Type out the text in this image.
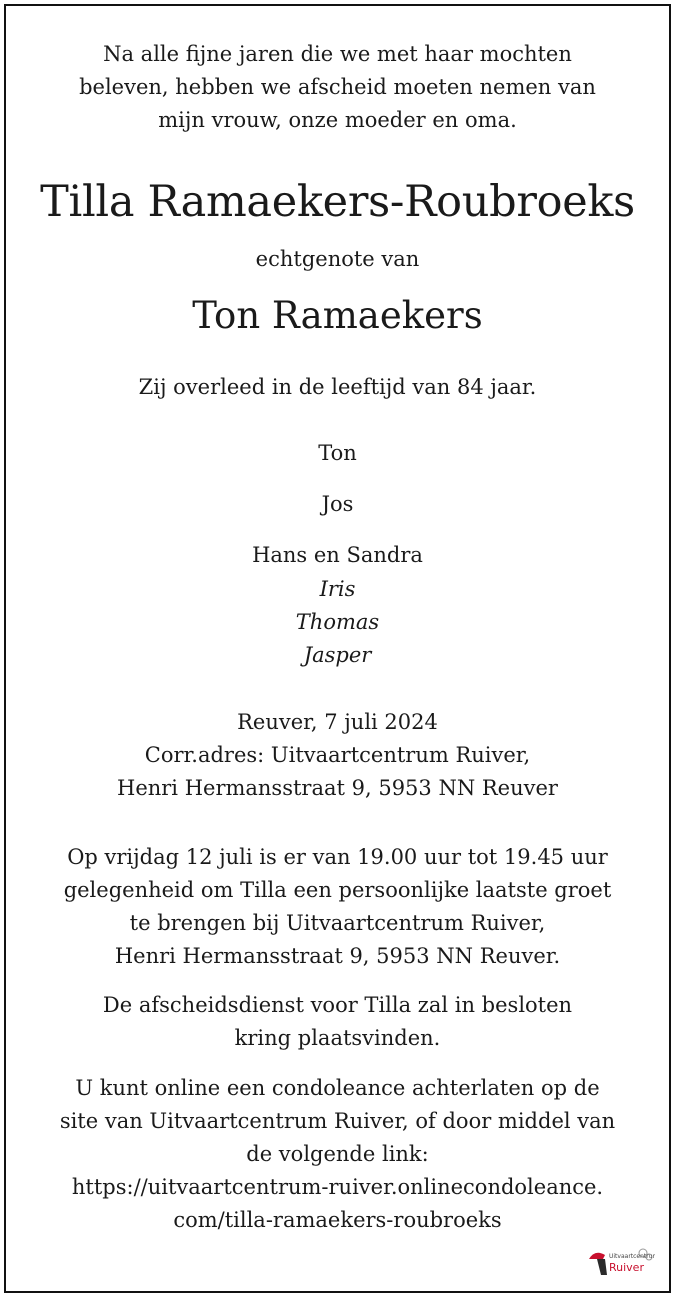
Na alle fijne jaren die we met haar mochten
beleven, hebben we afscheid moeten nemen van
mijn vrouw, onze moeder en oma.
Tilla Ramaekers-Roubroeks
echtgenote van
Ton Ramaekers
Zij overleed in de leeftijd van 84 jaar.
Ton
Jos
Hans en Sandra
Iris
Thomas
Jasper
Reuver, 7 juli 2024
Corr.adres: Uitvaartcentrum Ruiver,
Henri Hermansstraat 9, 5953 NN Reuver
Op vrijdag 12 juli is er van 19.00 uur tot 19.45 uur
gelegenheid om Tilla een persoonlijke laatste groet
te brengen bij Uitvaartcentrum Ruiver,
Henri Hermansstraat 9, 5953 NN Reuver.
De afscheidsdienst voor Tilla zal in besloten
kring plaatsvinden.
U kunt online een condoleance achterlaten op de
site van Uitvaartcentrum Ruiver, of door middel van
de volgende link:
https://uitvaartcentrum-ruiver.onlinecondoleance.
com/tilla-ramaekers-roubroeks
Uitvaartcentrum
Ruiver
